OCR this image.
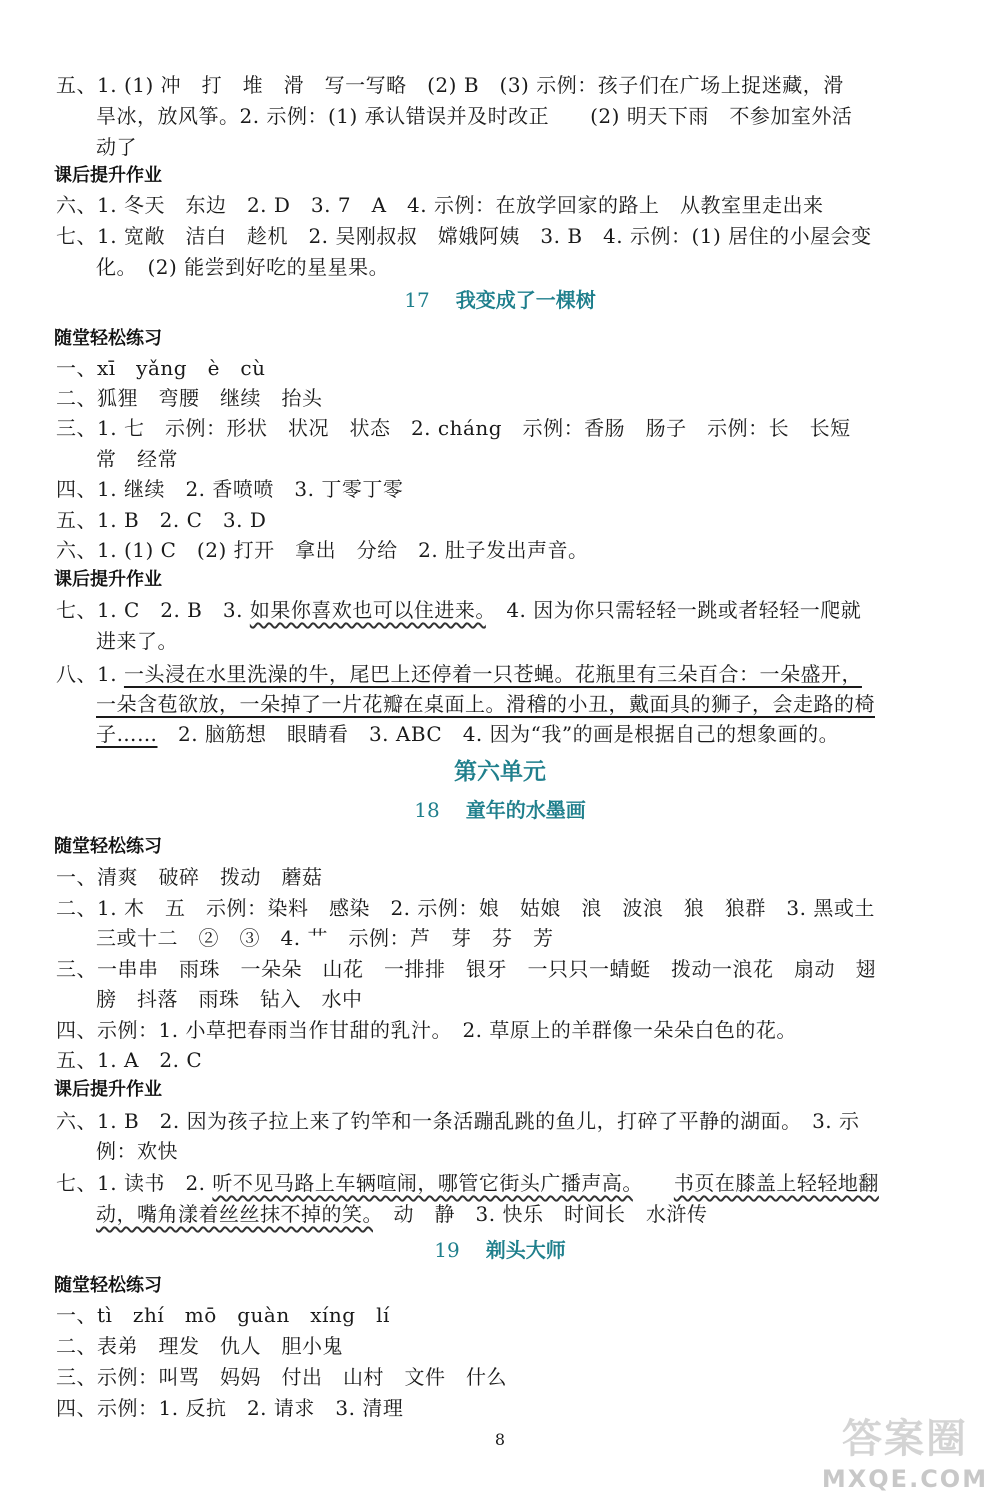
五、1. (1) 冲　打　堆　滑　写一写略　(2) B　(3) 示例：孩子们在广场上捉迷藏，滑
旱冰，放风筝。2. 示例：(1) 承认错误并及时改正　　(2) 明天下雨　不参加室外活
动了
课后提升作业
六、1. 冬天　东边　2. D　3. 7　A　4. 示例：在放学回家的路上　从教室里走出来
七、1. 宽敞　洁白　趁机　2. 吴刚叔叔　嫦娥阿姨　3. B　4. 示例：(1) 居住的小屋会变
化。　(2) 能尝到好吃的星星果。
17 我变成了一棵树
随堂轻松练习
一、xī　yǎng　è　cù
二、狐狸　弯腰　继续　抬头
三、1. 七　示例：形状　状况　状态　2. cháng　示例：香肠　肠子　示例：长　长短
常　经常
四、1. 继续　2. 香喷喷　3. 丁零丁零
五、1. B　2. C　3. D
六、1. (1) C　(2) 打开　拿出　分给　2. 肚子发出声音。
课后提升作业
七、1. C　2. B　3. 如果你喜欢也可以住进来。　4. 因为你只需轻轻一跳或者轻轻一爬就
进来了。
八、1. 一头浸在水里洗澡的牛，尾巴上还停着一只苍蝇。花瓶里有三朵百合：一朵盛开，
一朵含苞欲放，一朵掉了一片花瓣在桌面上。滑稽的小丑，戴面具的狮子，会走路的椅
子……　2. 脑筋想　眼睛看　3. ABC　4. 因为“我”的画是根据自己的想象画的。
第六单元
18 童年的水墨画
随堂轻松练习
一、清爽　破碎　拨动　蘑菇
二、1. 木　五　示例：染料　感染　2. 示例：娘　姑娘　浪　波浪　狼　狼群　3. 黑或土
三或十二　②　③　4. 艹　示例：芦　芽　芬　芳
三、一串串　雨珠　一朵朵　山花　一排排　银牙　一只只一蜻蜓　拨动一浪花　扇动　翅
膀　抖落　雨珠　钻入　水中
四、示例：1. 小草把春雨当作甘甜的乳汁。　2. 草原上的羊群像一朵朵白色的花。
五、1. A　2. C
课后提升作业
六、1. B　2. 因为孩子拉上来了钓竿和一条活蹦乱跳的鱼儿，打碎了平静的湖面。　3. 示
例：欢快
七、1. 读书　2. 听不见马路上车辆喧闹，哪管它街头广播声高。　　 书页在膝盖上轻轻地翻
动，嘴角漾着丝丝抹不掉的笑。　动　静　3. 快乐　时间长　水浒传
19 剃头大师
随堂轻松练习
一、tì　zhí　mō　guàn　xíng　lí
二、表弟　理发　仇人　胆小鬼
三、示例：叫骂　妈妈　付出　山村　文件　什么
四、示例：1. 反抗　2. 请求　3. 清理
8	答案圈
MXQE.COM
